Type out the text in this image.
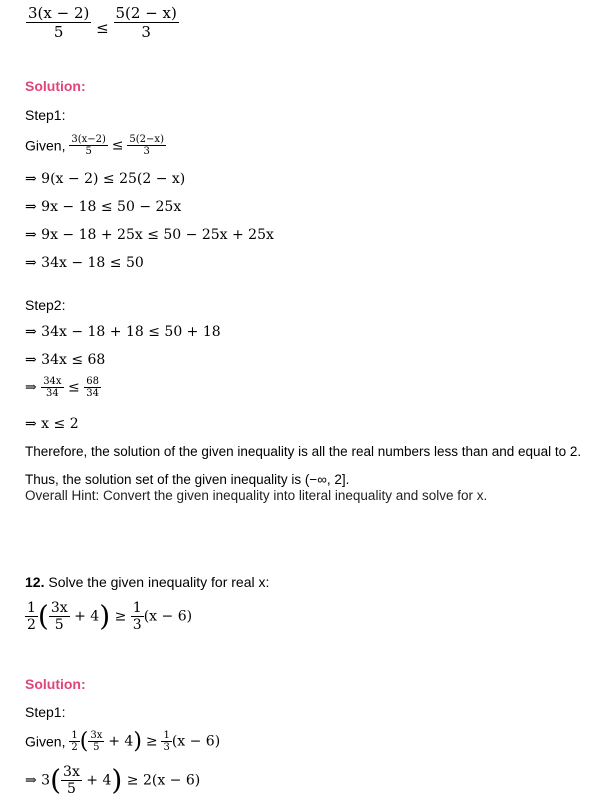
$\frac{3(x - 2)}{5} \le \frac{5(2 - x)}{3}$
Solution:
Step1:
Given, $\frac{3(x-2)}{5} \le \frac{5(2-x)}{3}$
⇒ 9(x − 2) ≤ 25(2 − x)
⇒ 9x − 18 ≤ 50 − 25x
⇒ 9x − 18 + 25x ≤ 50 − 25x + 25x
⇒ 34x − 18 ≤ 50
Step2:
⇒ 34x − 18 + 18 ≤ 50 + 18
⇒ 34x ≤ 68
⇒ $\frac{34x}{34} \le \frac{68}{34}$
⇒ x ≤ 2
Therefore, the solution of the given inequality is all the real numbers less than and equal to 2.
Thus, the solution set of the given inequality is (−∞, 2].
Overall Hint: Convert the given inequality into literal inequality and solve for x.
12. Solve the given inequality for real x:
$\frac{1}{2}$ ( $\frac{3x}{5} + 4) \ge \frac{1}{3} (x - 6)$
Solution:
Step1:
Given, $\frac{1}{2}$ ( $\frac{3x}{5} + 4) \ge \frac{1}{3} (x - 6)$
⇒ $3( \frac{3x}{5} + 4) \ge 2(x - 6)$
